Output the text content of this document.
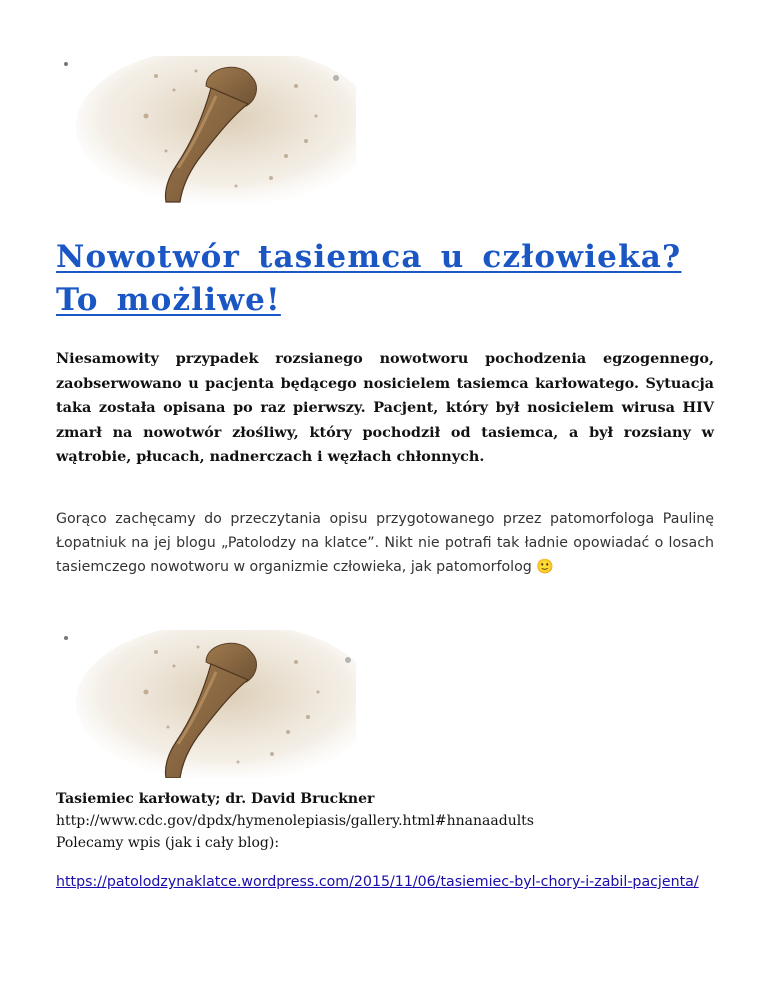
Nowotwór tasiemca u człowieka? To możliwe!

Niesamowity przypadek rozsianego nowotworu pochodzenia egzogennego, zaobserwowano u pacjenta będącego nosicielem tasiemca karłowatego. Sytuacja taka została opisana po raz pierwszy. Pacjent, który był nosicielem wirusa HIV zmarł na nowotwór złośliwy, który pochodził od tasiemca, a był rozsiany w wątrobie, płucach, nadnerczach i węzłach chłonnych.

Gorąco zachęcamy do przeczytania opisu przygotowanego przez patomorfologa Paulinę Łopatniuk na jej blogu „Patolodzy na klatce”. Nikt nie potrafi tak ładnie opowiadać o losach tasiemczego nowotworu w organizmie człowieka, jak patomorfolog 🙂

Tasiemiec karłowaty; dr. David Bruckner
http://www.cdc.gov/dpdx/hymenolepiasis/gallery.html#hnanaadults
Polecamy wpis (jak i cały blog):
https://patolodzynaklatce.wordpress.com/2015/11/06/tasiemiec-byl-chory-i-zabil-pacjenta/
